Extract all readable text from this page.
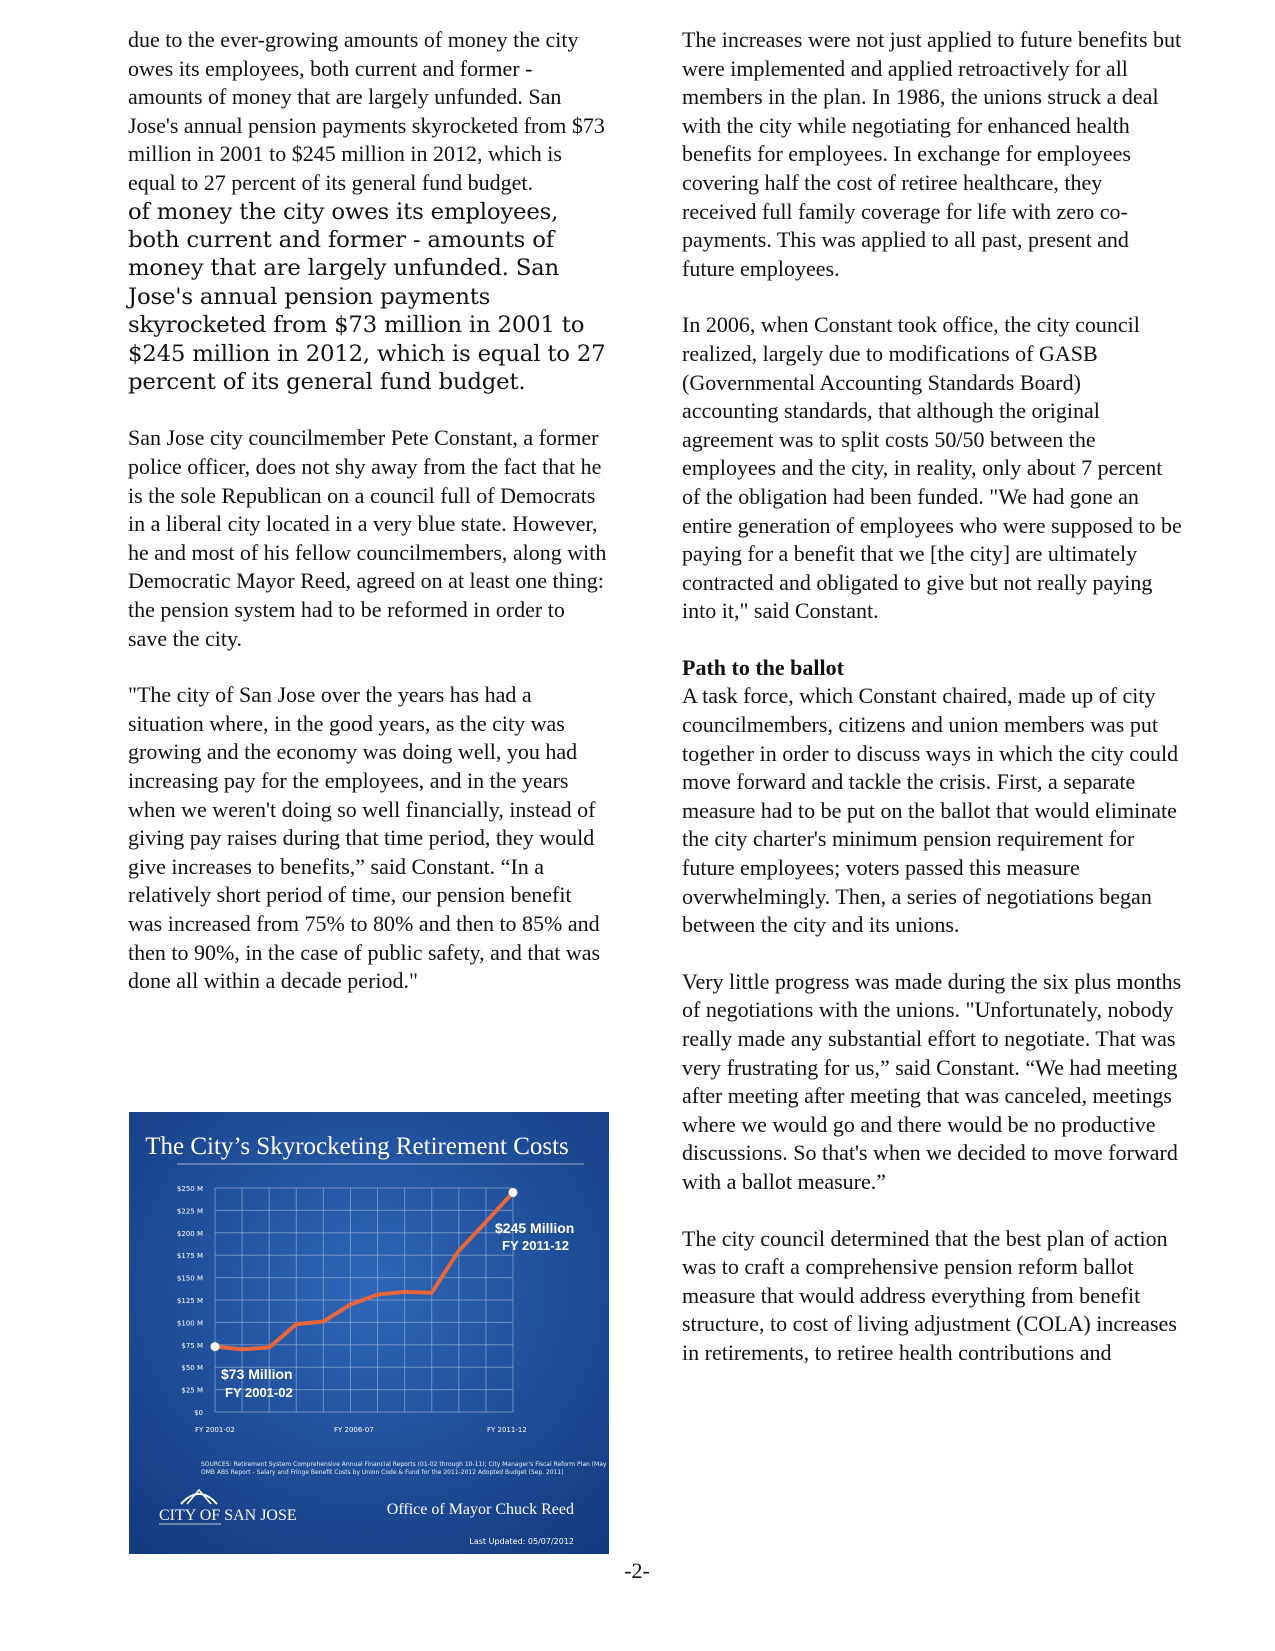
due to the ever-growing amounts of money the city owes its employees, both current and former - amounts of money that are largely unfunded. San Jose's annual pension payments skyrocketed from $73 million in 2001 to $245 million in 2012, which is equal to 27 percent of its general fund budget.

of money the city owes its employees, both current and former - amounts of money that are largely unfunded. San Jose's annual pension payments skyrocketed from $73 million in 2001 to $245 million in 2012, which is equal to 27 percent of its general fund budget.

San Jose city councilmember Pete Constant, a former police officer, does not shy away from the fact that he is the sole Republican on a council full of Democrats in a liberal city located in a very blue state. However, he and most of his fellow councilmembers, along with Democratic Mayor Reed, agreed on at least one thing: the pension system had to be reformed in order to save the city.

"The city of San Jose over the years has had a situation where, in the good years, as the city was growing and the economy was doing well, you had increasing pay for the employees, and in the years when we weren't doing so well financially, instead of giving pay raises during that time period, they would give increases to benefits,” said Constant. “In a relatively short period of time, our pension benefit was increased from 75% to 80% and then to 85% and then to 90%, in the case of public safety, and that was done all within a decade period."

The increases were not just applied to future benefits but were implemented and applied retroactively for all members in the plan. In 1986, the unions struck a deal with the city while negotiating for enhanced health benefits for employees. In exchange for employees covering half the cost of retiree healthcare, they received full family coverage for life with zero co-payments. This was applied to all past, present and future employees.

In 2006, when Constant took office, the city council realized, largely due to modifications of GASB (Governmental Accounting Standards Board) accounting standards, that although the original agreement was to split costs 50/50 between the employees and the city, in reality, only about 7 percent of the obligation had been funded. "We had gone an entire generation of employees who were supposed to be paying for a benefit that we [the city] are ultimately contracted and obligated to give but not really paying into it," said Constant.

Path to the ballot

A task force, which Constant chaired, made up of city councilmembers, citizens and union members was put together in order to discuss ways in which the city could move forward and tackle the crisis. First, a separate measure had to be put on the ballot that would eliminate the city charter's minimum pension requirement for future employees; voters passed this measure overwhelmingly. Then, a series of negotiations began between the city and its unions.

Very little progress was made during the six plus months of negotiations with the unions. "Unfortunately, nobody really made any substantial effort to negotiate. That was very frustrating for us,” said Constant. “We had meeting after meeting after meeting that was canceled, meetings where we would go and there would be no productive discussions. So that's when we decided to move forward with a ballot measure.”

The city council determined that the best plan of action was to craft a comprehensive pension reform ballot measure that would address everything from benefit structure, to cost of living adjustment (COLA) increases in retirements, to retiree health contributions and

The City’s Skyrocketing Retirement Costs
$0
$25 M
$50 M
$75 M
$100 M
$125 M
$150 M
$175 M
$200 M
$225 M
$250 M
FY 2001-02	FY 2006-07	FY 2011-12
$73 Million
FY 2001-02
$245 Million
FY 2011-12
SOURCES: Retirement System Comprehensive Annual Financial Reports (01-02 through 10-11); City Manager's Fiscal Reform Plan (May 2011);
OMB ABS Report - Salary and Fringe Benefit Costs by Union Code & Fund for the 2011-2012 Adopted Budget (Sep. 2011)
CITY OF SAN JOSE	Office of Mayor Chuck Reed
Last Updated: 05/07/2012
-2-
